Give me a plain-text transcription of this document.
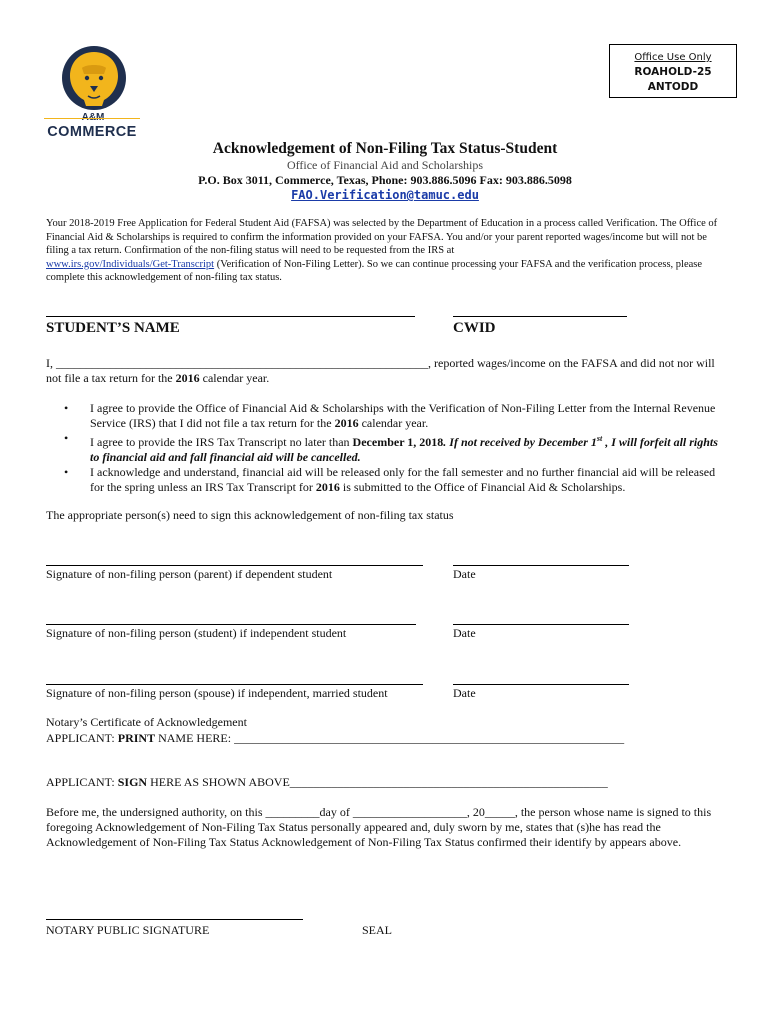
Office Use Only
ROAHOLD-25
ANTODD
A&M
COMMERCE
Acknowledgement of Non-Filing Tax Status-Student
Office of Financial Aid and Scholarships
P.O. Box 3011, Commerce, Texas, Phone: 903.886.5096 Fax: 903.886.5098
FAO.Verification@tamuc.edu
Your 2018-2019 Free Application for Federal Student Aid (FAFSA) was selected by the Department of Education in a process called Verification. The Office of Financial Aid & Scholarships is required to confirm the information provided on your FAFSA. You and/or your parent reported wages/income but will not be filing a tax return. Confirmation of the non-filing status will need to be requested from the IRS at
www.irs.gov/Individuals/Get-Transcript (Verification of Non-Filing Letter). So we can continue processing your FAFSA and the verification process, please complete this acknowledgement of non-filing tax status.
STUDENT’S NAME	CWID
I, ______________________________________________________________, reported wages/income on the FAFSA and did not nor will not file a tax return for the 2016 calendar year.
• I agree to provide the Office of Financial Aid & Scholarships with the Verification of Non-Filing Letter from the Internal Revenue Service (IRS) that I did not file a tax return for the 2016 calendar year.
• I agree to provide the IRS Tax Transcript no later than December 1, 2018. If not received by December 1st , I will forfeit all rights to financial aid and fall financial aid will be cancelled.
• I acknowledge and understand, financial aid will be released only for the fall semester and no further financial aid will be released for the spring unless an IRS Tax Transcript for 2016 is submitted to the Office of Financial Aid & Scholarships.
The appropriate person(s) need to sign this acknowledgement of non-filing tax status
Signature of non-filing person (parent) if dependent student	Date
Signature of non-filing person (student) if independent student	Date
Signature of non-filing person (spouse) if independent, married student	Date
Notary’s Certificate of Acknowledgement
APPLICANT: PRINT NAME HERE: _________________________________________________________________
APPLICANT: SIGN HERE AS SHOWN ABOVE_____________________________________________________
Before me, the undersigned authority, on this _________day of ___________________, 20_____, the person whose name is signed to this foregoing Acknowledgement of Non-Filing Tax Status personally appeared and, duly sworn by me, states that (s)he has read the Acknowledgement of Non-Filing Tax Status Acknowledgement of Non-Filing Tax Status confirmed their identify by appears above.
NOTARY PUBLIC SIGNATURE	SEAL
